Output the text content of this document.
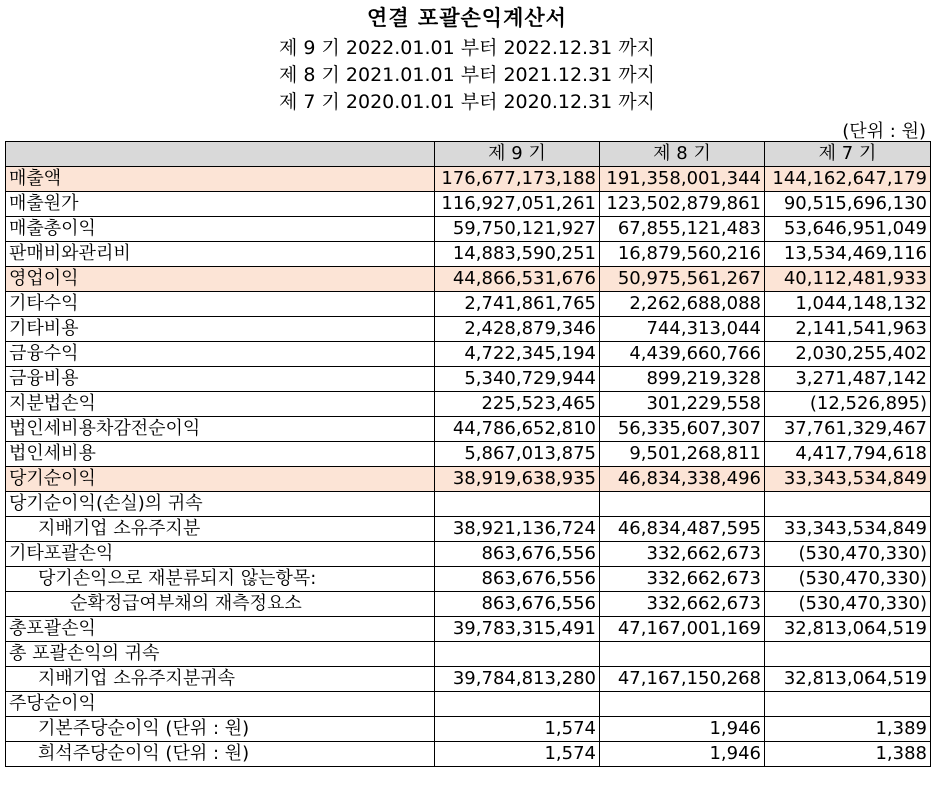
연결 포괄손익계산서
제 9 기 2022.01.01 부터 2022.12.31 까지
제 8 기 2021.01.01 부터 2021.12.31 까지
제 7 기 2020.01.01 부터 2020.12.31 까지
(단위 : 원)
	제 9 기	제 8 기	제 7 기
매출액	176,677,173,188	191,358,001,344	144,162,647,179
매출원가	116,927,051,261	123,502,879,861	90,515,696,130
매출총이익	59,750,121,927	67,855,121,483	53,646,951,049
판매비와관리비	14,883,590,251	16,879,560,216	13,534,469,116
영업이익	44,866,531,676	50,975,561,267	40,112,481,933
기타수익	2,741,861,765	2,262,688,088	1,044,148,132
기타비용	2,428,879,346	744,313,044	2,141,541,963
금융수익	4,722,345,194	4,439,660,766	2,030,255,402
금융비용	5,340,729,944	899,219,328	3,271,487,142
지분법손익	225,523,465	301,229,558	(12,526,895)
법인세비용차감전순이익	44,786,652,810	56,335,607,307	37,761,329,467
법인세비용	5,867,013,875	9,501,268,811	4,417,794,618
당기순이익	38,919,638,935	46,834,338,496	33,343,534,849
당기순이익(손실)의 귀속			
지배기업 소유주지분	38,921,136,724	46,834,487,595	33,343,534,849
기타포괄손익	863,676,556	332,662,673	(530,470,330)
당기손익으로 재분류되지 않는항목:	863,676,556	332,662,673	(530,470,330)
순확정급여부채의 재측정요소	863,676,556	332,662,673	(530,470,330)
총포괄손익	39,783,315,491	47,167,001,169	32,813,064,519
총 포괄손익의 귀속			
지배기업 소유주지분귀속	39,784,813,280	47,167,150,268	32,813,064,519
주당순이익			
기본주당순이익 (단위 : 원)	1,574	1,946	1,389
희석주당순이익 (단위 : 원)	1,574	1,946	1,388
